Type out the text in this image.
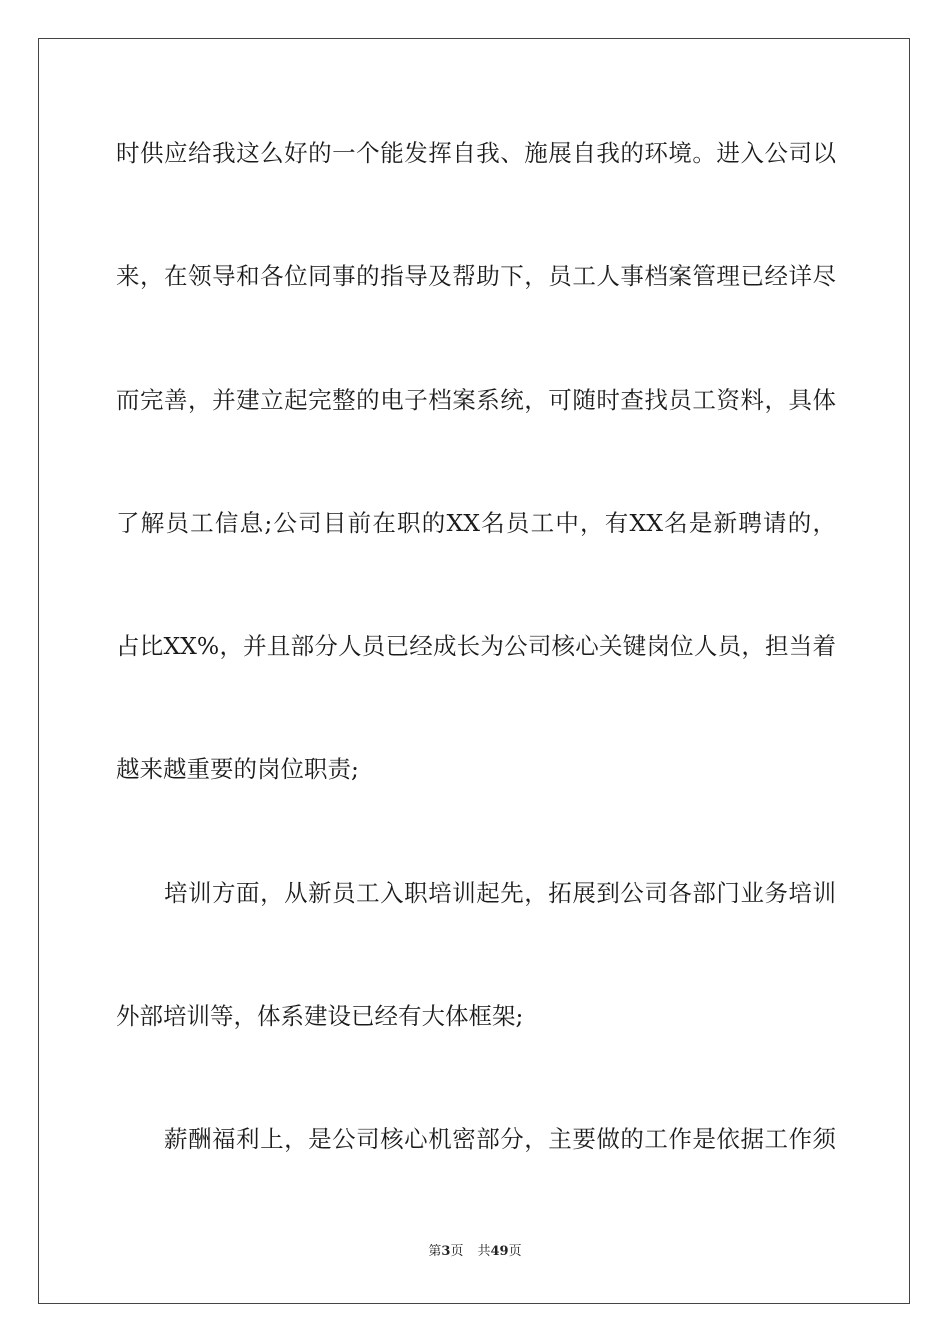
时供应给我这么好的一个能发挥自我、施展自我的环境。进入公司以

来，在领导和各位同事的指导及帮助下，员工人事档案管理已经详尽

而完善，并建立起完整的电子档案系统，可随时查找员工资料，具体

了解员工信息;公司目前在职的XX名员工中，有XX名是新聘请的，

占比XX%，并且部分人员已经成长为公司核心关键岗位人员，担当着

越来越重要的岗位职责;

培训方面，从新员工入职培训起先，拓展到公司各部门业务培训

外部培训等，体系建设已经有大体框架;

薪酬福利上，是公司核心机密部分，主要做的工作是依据工作须

第3页 共49页
